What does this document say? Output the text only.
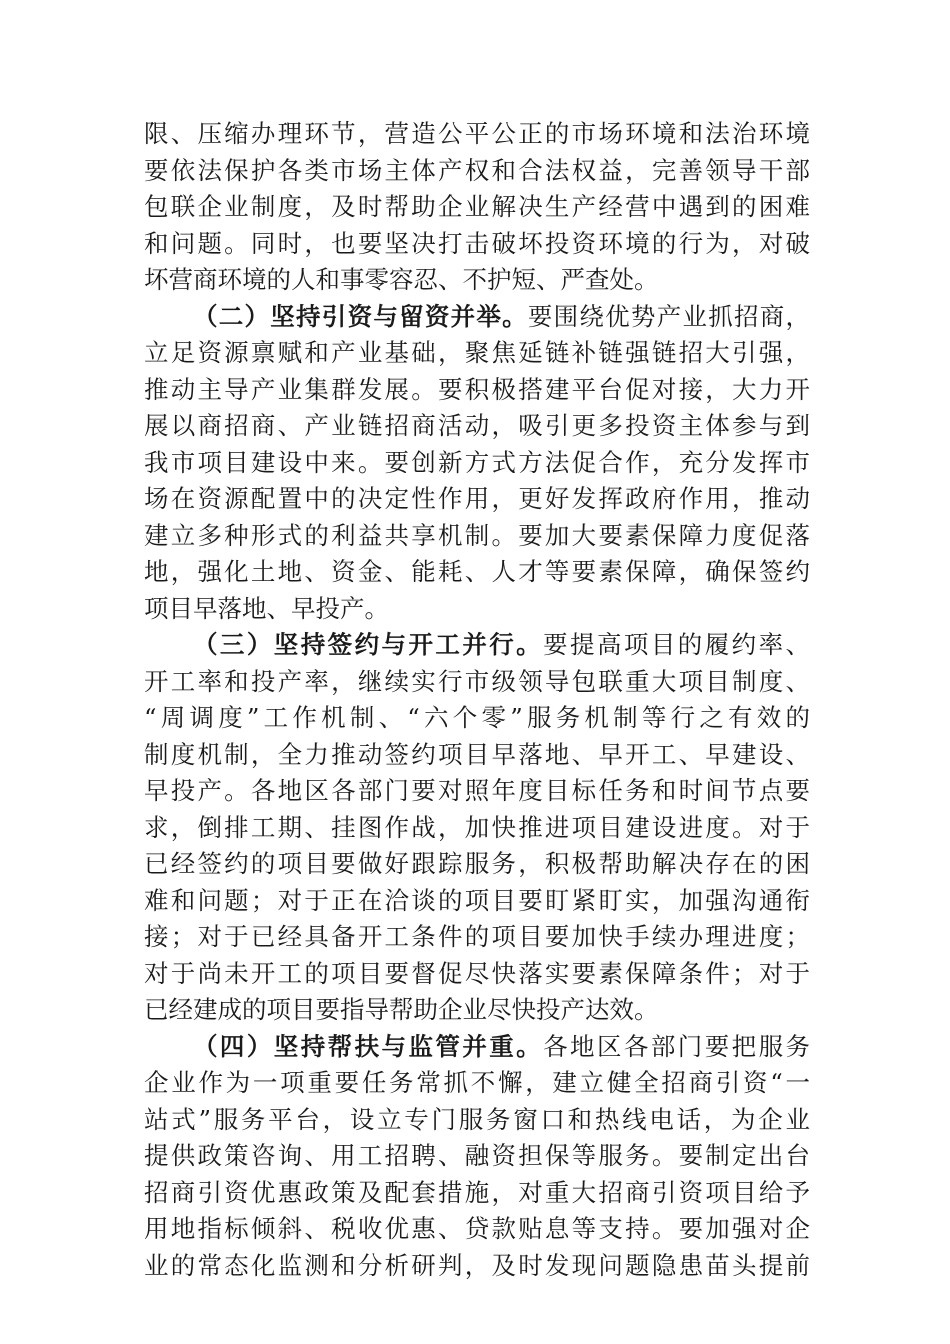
限、压缩办理环节，营造公平公正的市场环境和法治环境
要依法保护各类市场主体产权和合法权益，完善领导干部
包联企业制度，及时帮助企业解决生产经营中遇到的困难
和问题。同时，也要坚决打击破坏投资环境的行为，对破
坏营商环境的人和事零容忍、不护短、严查处。
（二）坚持引资与留资并举。要围绕优势产业抓招商，
立足资源禀赋和产业基础，聚焦延链补链强链招大引强，
推动主导产业集群发展。要积极搭建平台促对接，大力开
展以商招商、产业链招商活动，吸引更多投资主体参与到
我市项目建设中来。要创新方式方法促合作，充分发挥市
场在资源配置中的决定性作用，更好发挥政府作用，推动
建立多种形式的利益共享机制。要加大要素保障力度促落
地，强化土地、资金、能耗、人才等要素保障，确保签约
项目早落地、早投产。
（三）坚持签约与开工并行。要提高项目的履约率、
开工率和投产率，继续实行市级领导包联重大项目制度、
“周调度”工作机制、“六个零”服务机制等行之有效的
制度机制，全力推动签约项目早落地、早开工、早建设、
早投产。各地区各部门要对照年度目标任务和时间节点要
求，倒排工期、挂图作战，加快推进项目建设进度。对于
已经签约的项目要做好跟踪服务，积极帮助解决存在的困
难和问题；对于正在洽谈的项目要盯紧盯实，加强沟通衔
接；对于已经具备开工条件的项目要加快手续办理进度；
对于尚未开工的项目要督促尽快落实要素保障条件；对于
已经建成的项目要指导帮助企业尽快投产达效。
（四）坚持帮扶与监管并重。各地区各部门要把服务
企业作为一项重要任务常抓不懈，建立健全招商引资“一
站式”服务平台，设立专门服务窗口和热线电话，为企业
提供政策咨询、用工招聘、融资担保等服务。要制定出台
招商引资优惠政策及配套措施，对重大招商引资项目给予
用地指标倾斜、税收优惠、贷款贴息等支持。要加强对企
业的常态化监测和分析研判，及时发现问题隐患苗头提前
